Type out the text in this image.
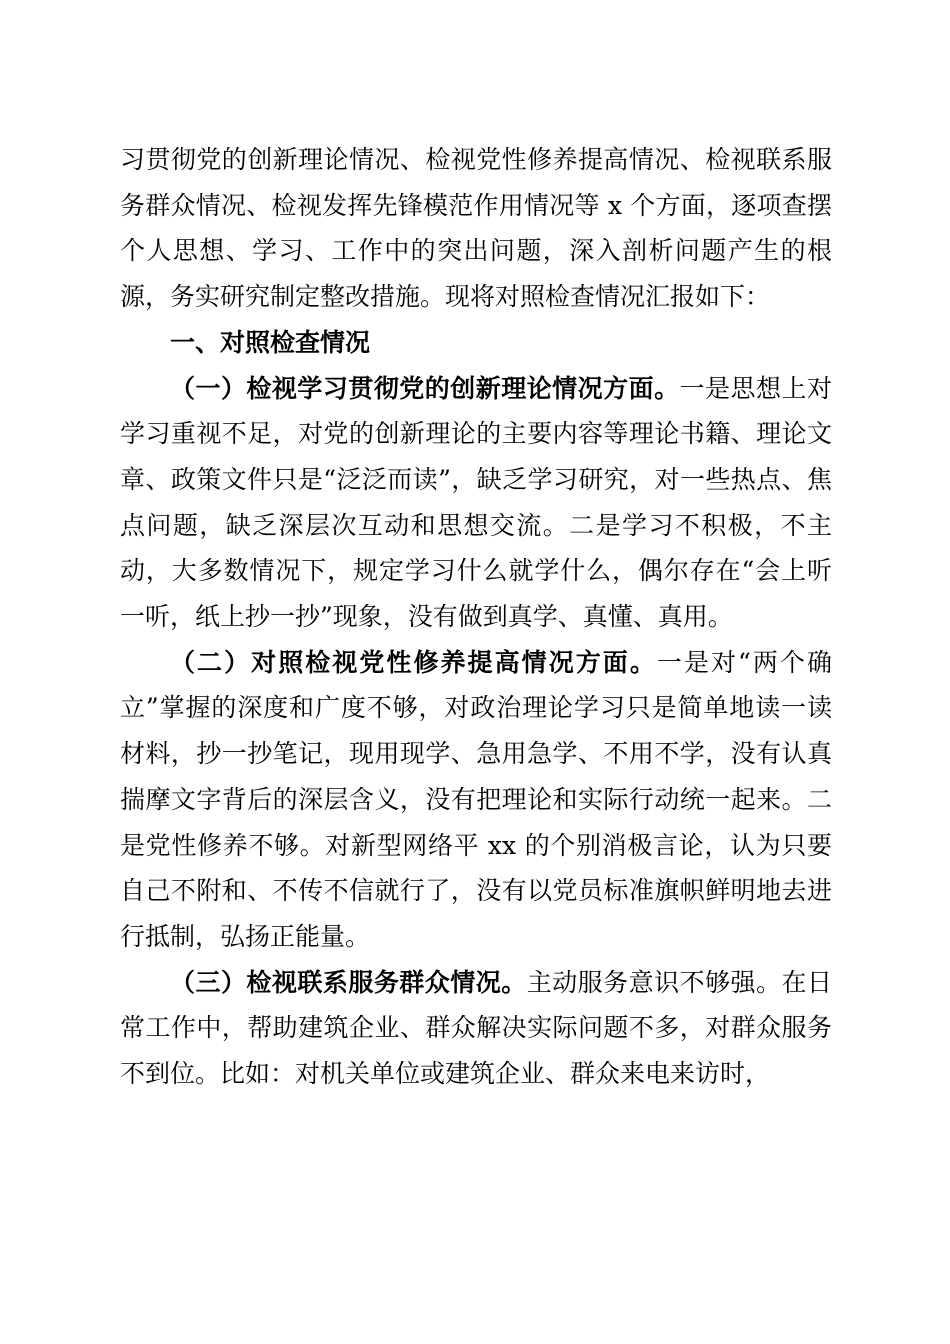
习贯彻党的创新理论情况、检视党性修养提高情况、检视联系服务群众情况、检视发挥先锋模范作用情况等 x 个方面，逐项查摆个人思想、学习、工作中的突出问题，深入剖析问题产生的根源，务实研究制定整改措施。现将对照检查情况汇报如下：

一、对照检查情况

（一）检视学习贯彻党的创新理论情况方面。一是思想上对学习重视不足，对党的创新理论的主要内容等理论书籍、理论文章、政策文件只是“泛泛而读”，缺乏学习研究，对一些热点、焦点问题，缺乏深层次互动和思想交流。二是学习不积极，不主动，大多数情况下，规定学习什么就学什么，偶尔存在“会上听一听，纸上抄一抄”现象，没有做到真学、真懂、真用。

（二）对照检视党性修养提高情况方面。一是对“两个确立”掌握的深度和广度不够，对政治理论学习只是简单地读一读材料，抄一抄笔记，现用现学、急用急学、不用不学，没有认真揣摩文字背后的深层含义，没有把理论和实际行动统一起来。二是党性修养不够。对新型网络平 xx 的个别消极言论，认为只要自己不附和、不传不信就行了，没有以党员标准旗帜鲜明地去进行抵制，弘扬正能量。

（三）检视联系服务群众情况。主动服务意识不够强。在日常工作中，帮助建筑企业、群众解决实际问题不多，对群众服务不到位。比如：对机关单位或建筑企业、群众来电来访时，
